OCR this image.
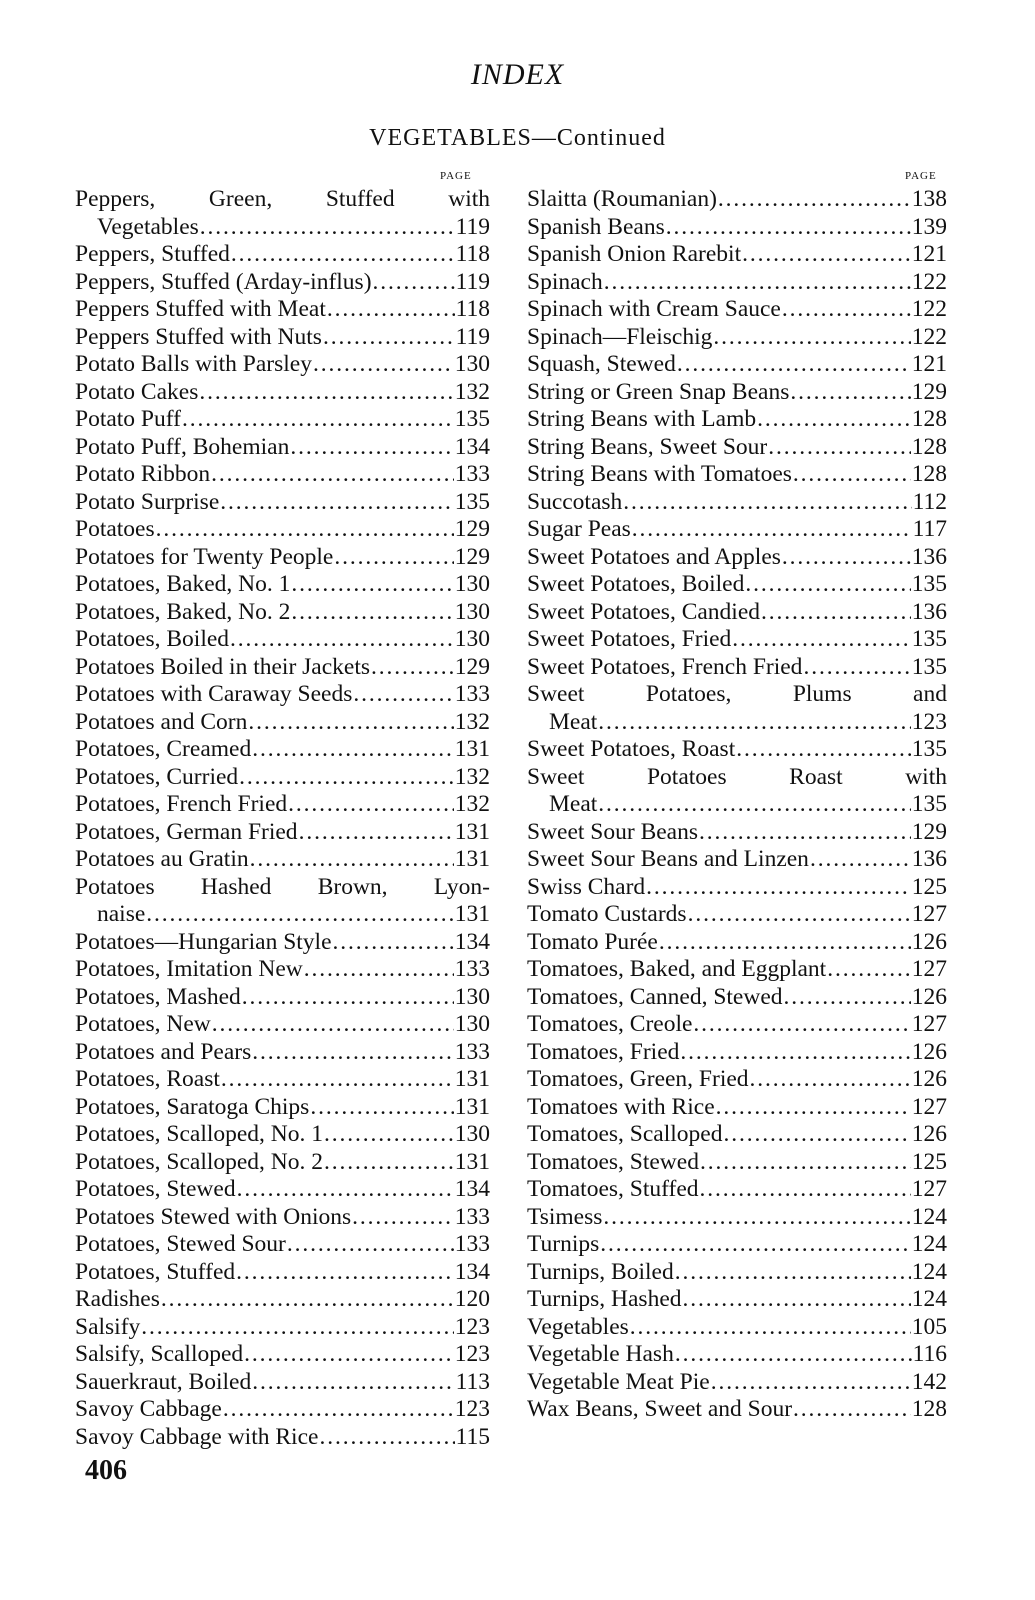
INDEX
VEGETABLES—Continued
PAGE	PAGE
Peppers, Green, Stuffed with
Vegetables . . .	119
Peppers, Stuffed . . .	118
Peppers, Stuffed (Arday-influs) . . .	119
Peppers Stuffed with Meat . . .	118
Peppers Stuffed with Nuts . . .	119
Potato Balls with Parsley . . .	130
Potato Cakes . . .	132
Potato Puff . . .	135
Potato Puff, Bohemian . . .	134
Potato Ribbon . . .	133
Potato Surprise . . .	135
Potatoes . . .	129
Potatoes for Twenty People . . .	129
Potatoes, Baked, No. 1 . . .	130
Potatoes, Baked, No. 2 . . .	130
Potatoes, Boiled . . .	130
Potatoes Boiled in their Jackets . . .	129
Potatoes with Caraway Seeds . . .	133
Potatoes and Corn . . .	132
Potatoes, Creamed . . .	131
Potatoes, Curried . . .	132
Potatoes, French Fried . . .	132
Potatoes, German Fried . . .	131
Potatoes au Gratin . . .	131
Potatoes Hashed Brown, Lyon-
naise . . .	131
Potatoes—Hungarian Style . . .	134
Potatoes, Imitation New . . .	133
Potatoes, Mashed . . .	130
Potatoes, New . . .	130
Potatoes and Pears . . .	133
Potatoes, Roast . . .	131
Potatoes, Saratoga Chips . . .	131
Potatoes, Scalloped, No. 1 . . .	130
Potatoes, Scalloped, No. 2 . . .	131
Potatoes, Stewed . . .	134
Potatoes Stewed with Onions . . .	133
Potatoes, Stewed Sour . . .	133
Potatoes, Stuffed . . .	134
Radishes . . .	120
Salsify . . .	123
Salsify, Scalloped . . .	123
Sauerkraut, Boiled . . .	113
Savoy Cabbage . . .	123
Savoy Cabbage with Rice . . .	115
Slaitta (Roumanian) . . .	138
Spanish Beans . . .	139
Spanish Onion Rarebit . . .	121
Spinach . . .	122
Spinach with Cream Sauce . . .	122
Spinach—Fleischig . . .	122
Squash, Stewed . . .	121
String or Green Snap Beans . . .	129
String Beans with Lamb . . .	128
String Beans, Sweet Sour . . .	128
String Beans with Tomatoes . . .	128
Succotash . . .	112
Sugar Peas . . .	117
Sweet Potatoes and Apples . . .	136
Sweet Potatoes, Boiled . . .	135
Sweet Potatoes, Candied . . .	136
Sweet Potatoes, Fried . . .	135
Sweet Potatoes, French Fried . . .	135
Sweet	Potatoes,	Plums	and
Meat . . .	123
Sweet Potatoes, Roast . . .	135
Sweet	Potatoes	Roast	with
Meat . . .	135
Sweet Sour Beans . . .	129
Sweet Sour Beans and Linzen . . .	136
Swiss Chard . . .	125
Tomato Custards . . .	127
Tomato Purée . . .	126
Tomatoes, Baked, and Eggplant . . .	127
Tomatoes, Canned, Stewed . . .	126
Tomatoes, Creole . . .	127
Tomatoes, Fried . . .	126
Tomatoes, Green, Fried . . .	126
Tomatoes with Rice . . .	127
Tomatoes, Scalloped . . .	126
Tomatoes, Stewed . . .	125
Tomatoes, Stuffed . . .	127
Tsimess . . .	124
Turnips . . .	124
Turnips, Boiled . . .	124
Turnips, Hashed . . .	124
Vegetables . . .	105
Vegetable Hash . . .	116
Vegetable Meat Pie . . .	142
Wax Beans, Sweet and Sour . . .	128
406
